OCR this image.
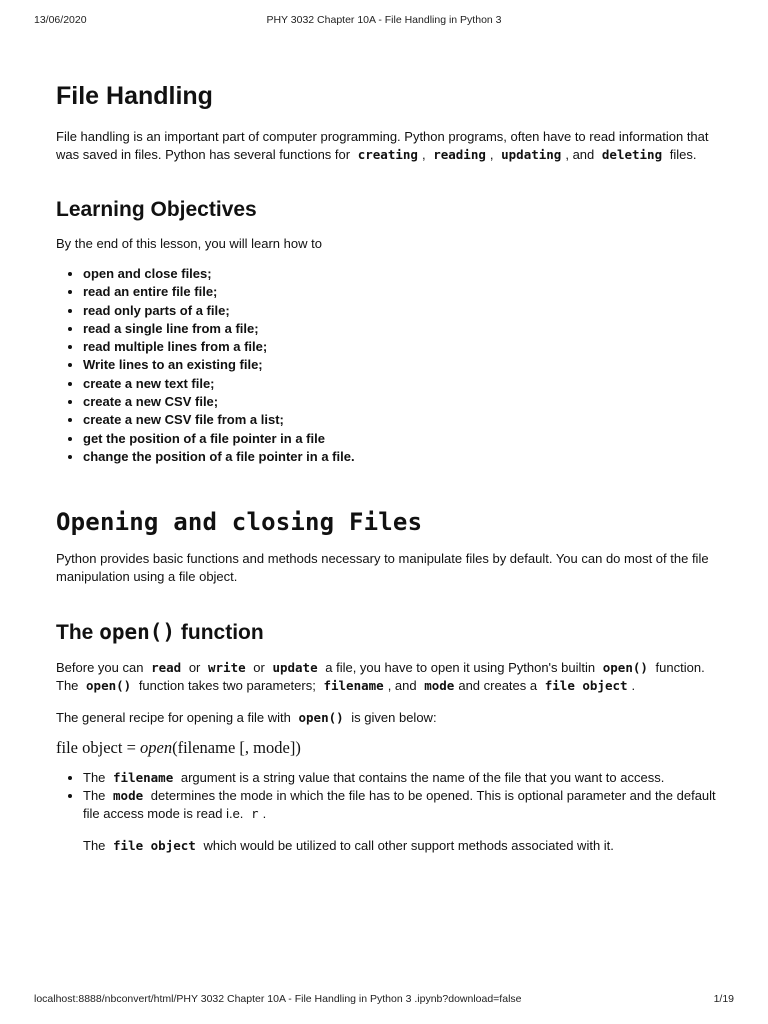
13/06/2020	PHY 3032 Chapter 10A - File Handling in Python 3
File Handling

File handling is an important part of computer programming. Python programs, often have to read information that was saved in files. Python has several functions for creating , reading , updating , and deleting files.

Learning Objectives

By the end of this lesson, you will learn how to

• open and close files;
• read an entire file file;
• read only parts of a file;
• read a single line from a file;
• read multiple lines from a file;
• Write lines to an existing file;
• create a new text file;
• create a new CSV file;
• create a new CSV file from a list;
• get the position of a file pointer in a file
• change the position of a file pointer in a file.
Opening and closing Files

Python provides basic functions and methods necessary to manipulate files by default. You can do most of the file manipulation using a file object.

The open() function

Before you can read or write or update a file, you have to open it using Python's builtin open() function. The open() function takes two parameters; filename , and mode and creates a file object .

The general recipe for opening a file with open() is given below:

file object = open(filename [, mode])
• The filename argument is a string value that contains the name of the file that you want to access.
• The mode determines the mode in which the file has to be opened. This is optional parameter and the default file access mode is read i.e. r .

The file object which would be utilized to call other support methods associated with it.

localhost:8888/nbconvert/html/PHY 3032 Chapter 10A - File Handling in Python 3 .ipynb?download=false	1/19
